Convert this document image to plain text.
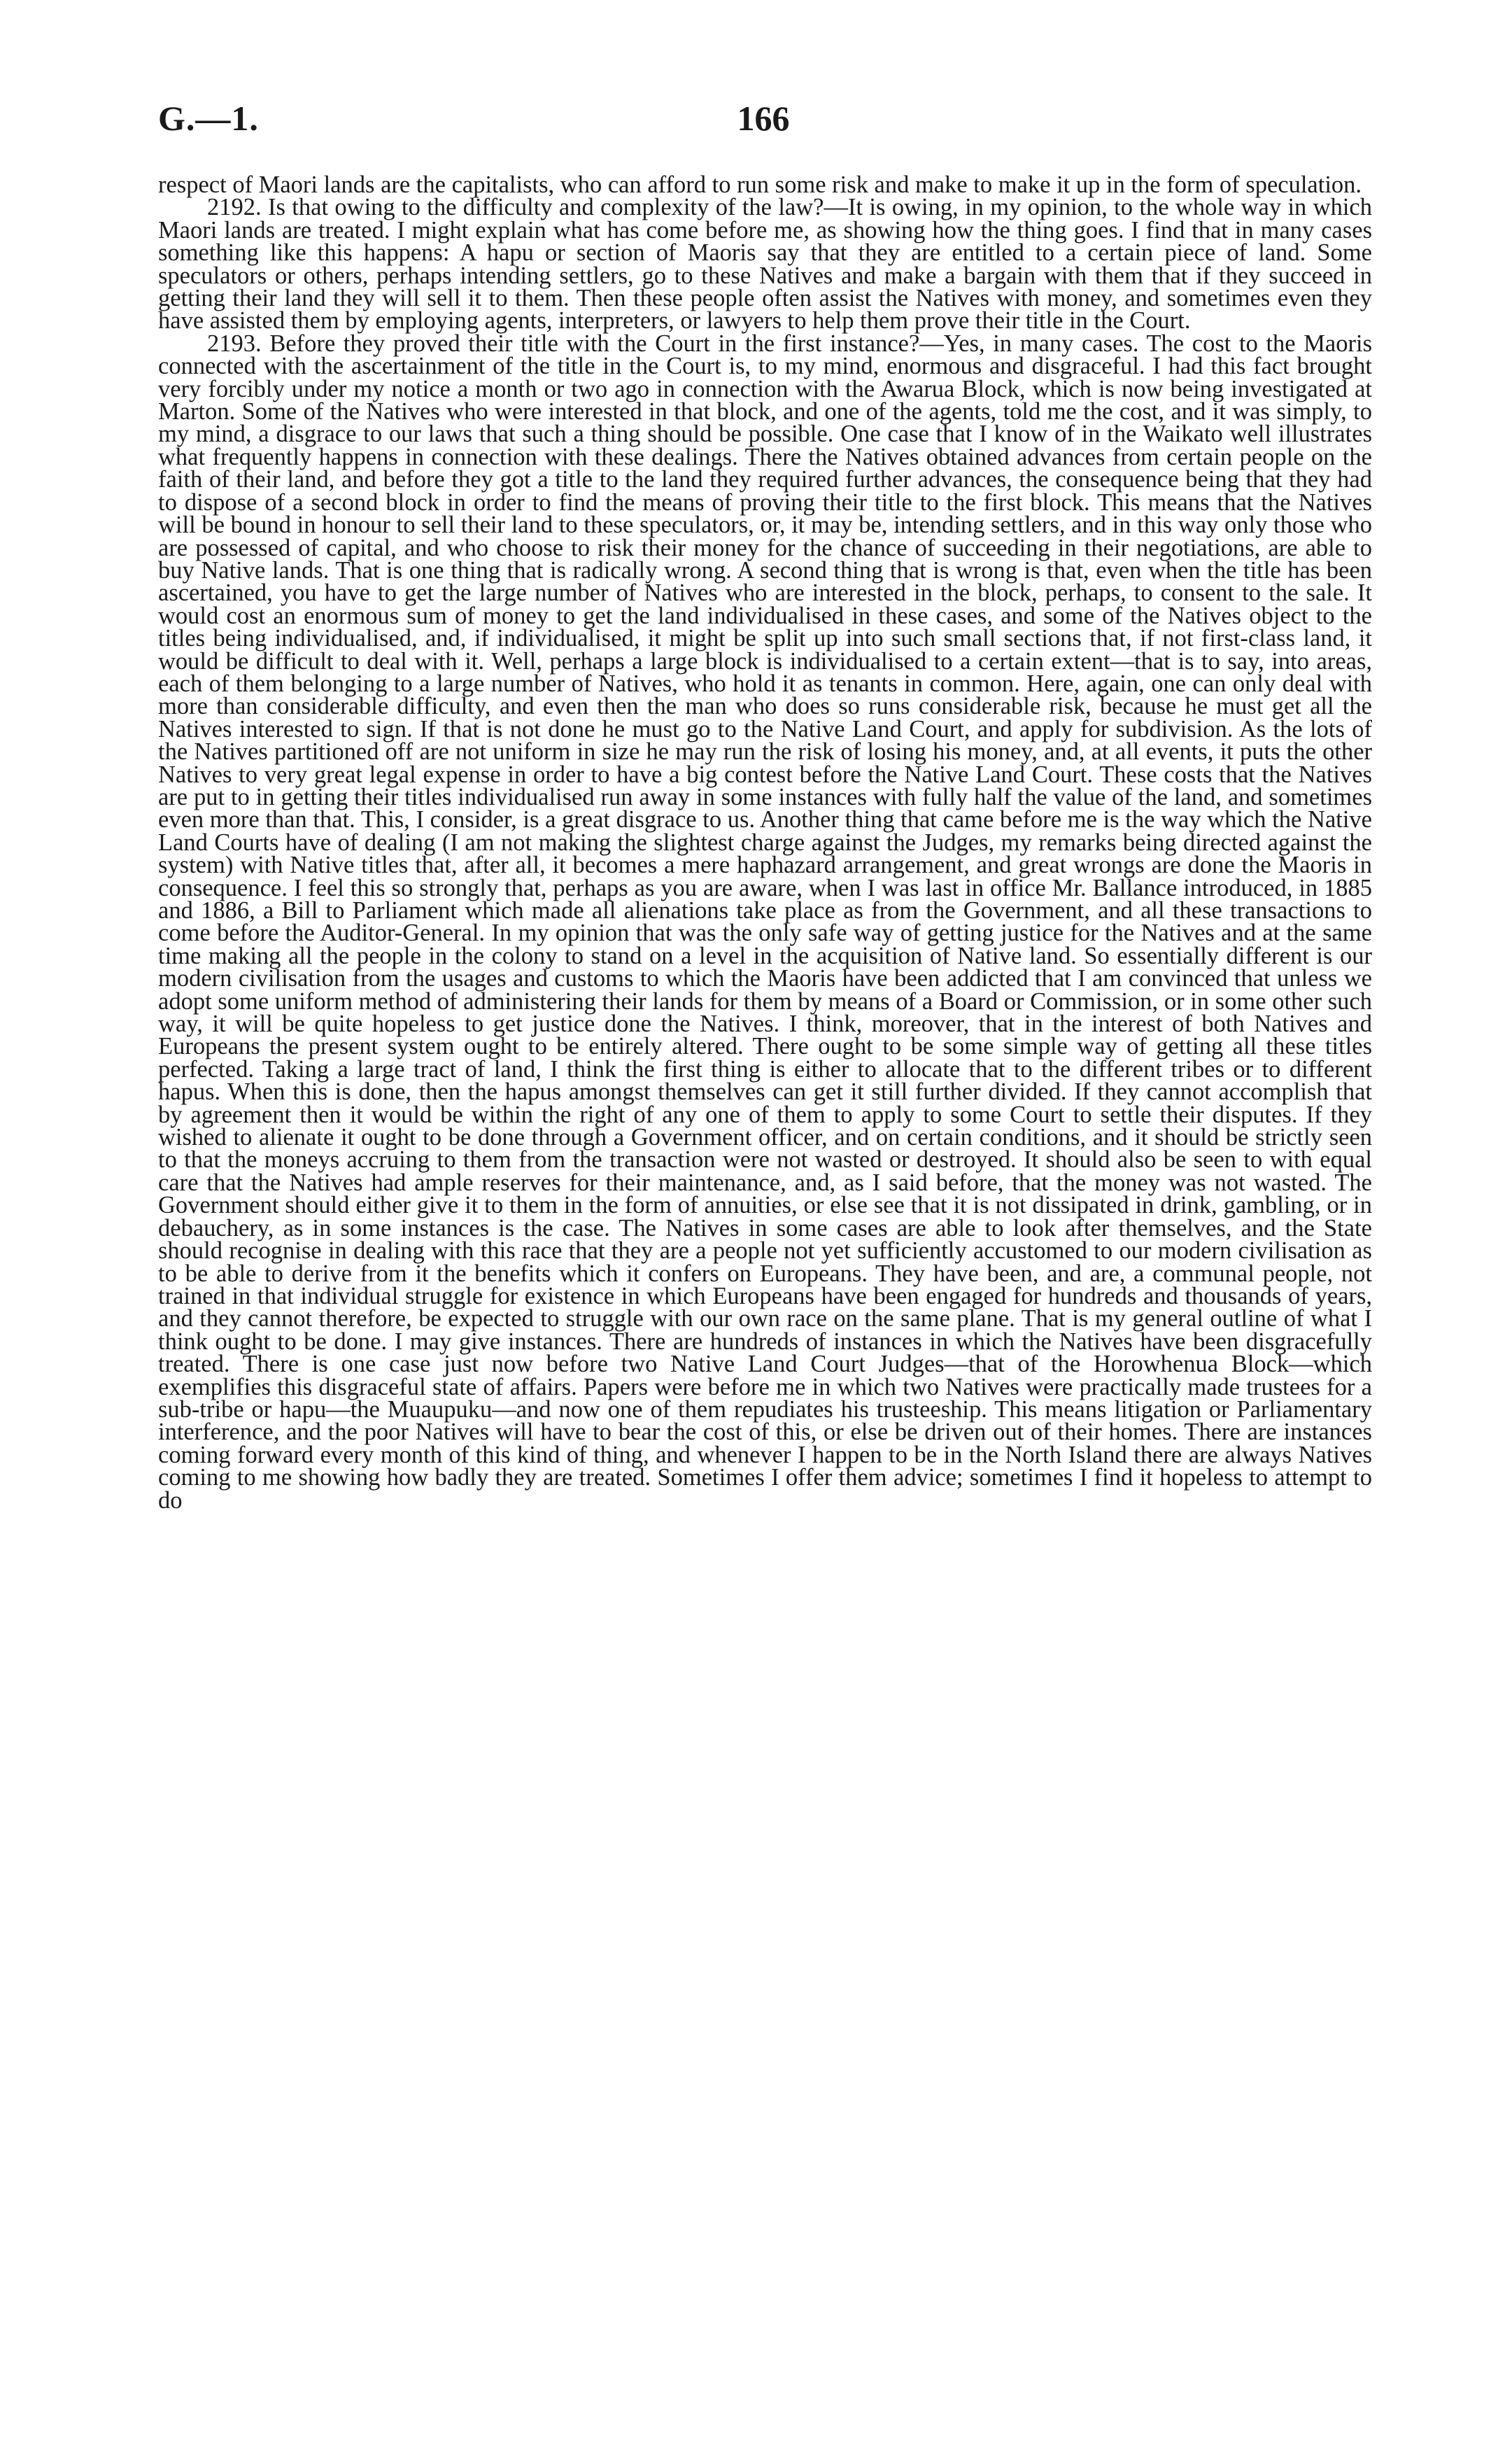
G.—1.	166

respect of Maori lands are the capitalists, who can afford to run some risk and make to make it up in the form of speculation.

2192. Is that owing to the difficulty and complexity of the law?—It is owing, in my opinion, to the whole way in which Maori lands are treated. I might explain what has come before me, as showing how the thing goes. I find that in many cases something like this happens: A hapu or section of Maoris say that they are entitled to a certain piece of land. Some speculators or others, perhaps intending settlers, go to these Natives and make a bargain with them that if they succeed in getting their land they will sell it to them. Then these people often assist the Natives with money, and sometimes even they have assisted them by employing agents, interpreters, or lawyers to help them prove their title in the Court.

2193. Before they proved their title with the Court in the first instance?—Yes, in many cases. The cost to the Maoris connected with the ascertainment of the title in the Court is, to my mind, enormous and disgraceful. I had this fact brought very forcibly under my notice a month or two ago in connection with the Awarua Block, which is now being investigated at Marton. Some of the Natives who were interested in that block, and one of the agents, told me the cost, and it was simply, to my mind, a disgrace to our laws that such a thing should be possible. One case that I know of in the Waikato well illustrates what frequently happens in connection with these dealings. There the Natives obtained advances from certain people on the faith of their land, and before they got a title to the land they required further advances, the consequence being that they had to dispose of a second block in order to find the means of proving their title to the first block. This means that the Natives will be bound in honour to sell their land to these speculators, or, it may be, intending settlers, and in this way only those who are possessed of capital, and who choose to risk their money for the chance of succeeding in their negotiations, are able to buy Native lands. That is one thing that is radically wrong. A second thing that is wrong is that, even when the title has been ascertained, you have to get the large number of Natives who are interested in the block, perhaps, to consent to the sale. It would cost an enormous sum of money to get the land individualised in these cases, and some of the Natives object to the titles being individualised, and, if individualised, it might be split up into such small sections that, if not first-class land, it would be difficult to deal with it. Well, perhaps a large block is individualised to a certain extent—that is to say, into areas, each of them belonging to a large number of Natives, who hold it as tenants in common. Here, again, one can only deal with more than considerable difficulty, and even then the man who does so runs considerable risk, because he must get all the Natives interested to sign. If that is not done he must go to the Native Land Court, and apply for subdivision. As the lots of the Natives partitioned off are not uniform in size he may run the risk of losing his money, and, at all events, it puts the other Natives to very great legal expense in order to have a big contest before the Native Land Court. These costs that the Natives are put to in getting their titles individualised run away in some instances with fully half the value of the land, and sometimes even more than that. This, I consider, is a great disgrace to us. Another thing that came before me is the way which the Native Land Courts have of dealing (I am not making the slightest charge against the Judges, my remarks being directed against the system) with Native titles that, after all, it becomes a mere haphazard arrangement, and great wrongs are done the Maoris in consequence. I feel this so strongly that, perhaps as you are aware, when I was last in office Mr. Ballance introduced, in 1885 and 1886, a Bill to Parliament which made all alienations take place as from the Government, and all these transactions to come before the Auditor-General. In my opinion that was the only safe way of getting justice for the Natives and at the same time making all the people in the colony to stand on a level in the acquisition of Native land. So essentially different is our modern civilisation from the usages and customs to which the Maoris have been addicted that I am convinced that unless we adopt some uniform method of administering their lands for them by means of a Board or Commission, or in some other such way, it will be quite hopeless to get justice done the Natives. I think, moreover, that in the interest of both Natives and Europeans the present system ought to be entirely altered. There ought to be some simple way of getting all these titles perfected. Taking a large tract of land, I think the first thing is either to allocate that to the different tribes or to different hapus. When this is done, then the hapus amongst themselves can get it still further divided. If they cannot accomplish that by agreement then it would be within the right of any one of them to apply to some Court to settle their disputes. If they wished to alienate it ought to be done through a Government officer, and on certain conditions, and it should be strictly seen to that the moneys accruing to them from the transaction were not wasted or destroyed. It should also be seen to with equal care that the Natives had ample reserves for their maintenance, and, as I said before, that the money was not wasted. The Government should either give it to them in the form of annuities, or else see that it is not dissipated in drink, gambling, or in debauchery, as in some instances is the case. The Natives in some cases are able to look after themselves, and the State should recognise in dealing with this race that they are a people not yet sufficiently accustomed to our modern civilisation as to be able to derive from it the benefits which it confers on Europeans. They have been, and are, a communal people, not trained in that individual struggle for existence in which Europeans have been engaged for hundreds and thousands of years, and they cannot therefore, be expected to struggle with our own race on the same plane. That is my general outline of what I think ought to be done. I may give instances. There are hundreds of instances in which the Natives have been disgracefully treated. There is one case just now before two Native Land Court Judges—that of the Horowhenua Block—which exemplifies this disgraceful state of affairs. Papers were before me in which two Natives were practically made trustees for a sub-tribe or hapu—the Muaupuku—and now one of them repudiates his trusteeship. This means litigation or Parliamentary interference, and the poor Natives will have to bear the cost of this, or else be driven out of their homes. There are instances coming forward every month of this kind of thing, and whenever I happen to be in the North Island there are always Natives coming to me showing how badly they are treated. Sometimes I offer them advice; sometimes I find it hopeless to attempt to do
